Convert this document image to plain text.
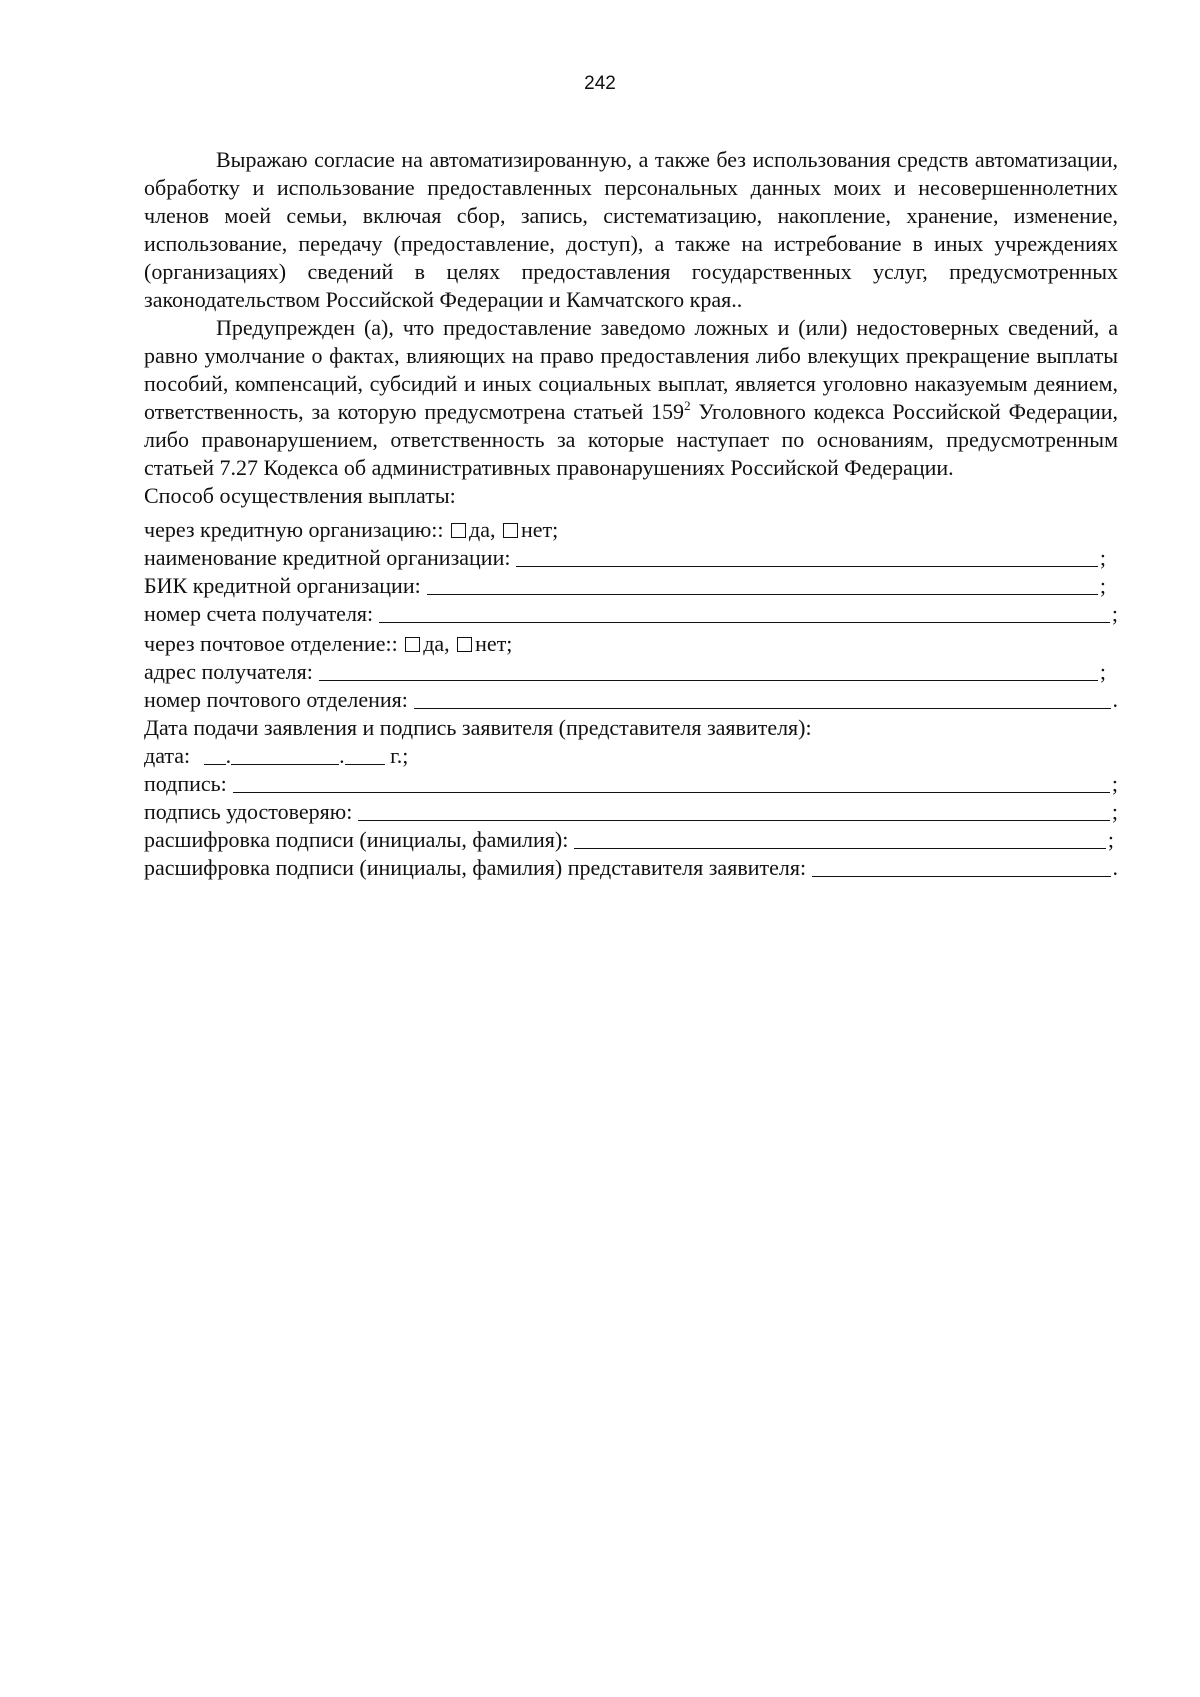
242

Выражаю согласие на автоматизированную, а также без использования средств автоматизации, обработку и использование предоставленных персональных данных моих и несовершеннолетних членов моей семьи, включая сбор, запись, систематизацию, накопление, хранение, изменение, использование, передачу (предоставление, доступ), а также на истребование в иных учреждениях (организациях) сведений в целях предоставления государственных услуг, предусмотренных законодательством Российской Федерации и Камчатского края..

Предупрежден (а), что предоставление заведомо ложных и (или) недостоверных сведений, а равно умолчание о фактах, влияющих на право предоставления либо влекущих прекращение выплаты пособий, компенсаций, субсидий и иных социальных выплат, является уголовно наказуемым деянием, ответственность, за которую предусмотрена статьей $159^2$ Уголовного кодекса Российской Федерации, либо правонарушением, ответственность за которые наступает по основаниям, предусмотренным статьей 7.27 Кодекса об административных правонарушениях Российской Федерации.

Способ осуществления выплаты:
через кредитную организацию:: да, нет;
наименование кредитной организации:	;
БИК кредитной организации:	;
номер счета получателя:	;
через почтовое отделение:: да, нет;
адрес получателя:	;
номер почтового отделения:	.
Дата подачи заявления и подпись заявителя (представителя заявителя):
дата: .	. г.;
подпись:	;
подпись удостоверяю:	;
расшифровка подписи (инициалы, фамилия):	;
расшифровка подписи (инициалы, фамилия) представителя заявителя:	.
